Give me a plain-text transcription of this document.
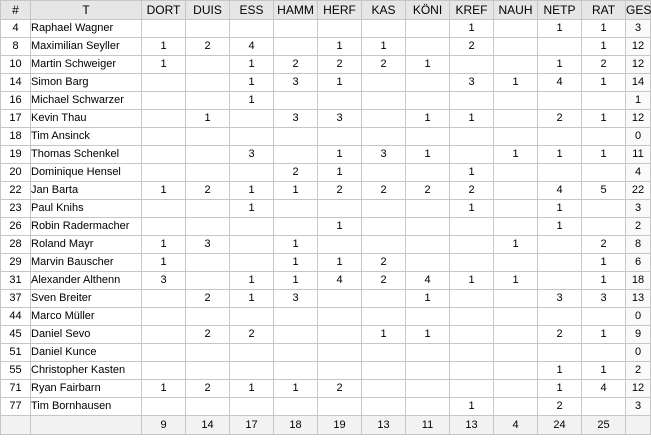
#	T	DORT	DUIS	ESS	HAMM	HERF	KAS	KÖNI	KREF	NAUH	NETP	RAT	GES
4	Raphael Wagner								1		1	1	3
8	Maximilian Seyller	1	2	4		1	1		2			1	12
10	Martin Schweiger	1		1	2	2	2	1			1	2	12
14	Simon Barg			1	3	1			3	1	4	1	14
16	Michael Schwarzer			1									1
17	Kevin Thau		1		3	3		1	1		2	1	12
18	Tim Ansinck												0
19	Thomas Schenkel			3		1	3	1		1	1	1	11
20	Dominique Hensel				2	1			1				4
22	Jan Barta	1	2	1	1	2	2	2	2		4	5	22
23	Paul Knihs			1					1		1		3
26	Robin Radermacher					1					1		2
28	Roland Mayr	1	3		1					1		2	8
29	Marvin Bauscher	1			1	1	2					1	6
31	Alexander Althenn	3		1	1	4	2	4	1	1		1	18
37	Sven Breiter		2	1	3			1			3	3	13
44	Marco Müller												0
45	Daniel Sevo		2	2			1	1			2	1	9
51	Daniel Kunce												0
55	Christopher Kasten										1	1	2
71	Ryan Fairbarn	1	2	1	1	2					1	4	12
77	Tim Bornhausen								1		2		3
		9	14	17	18	19	13	11	13	4	24	25	
